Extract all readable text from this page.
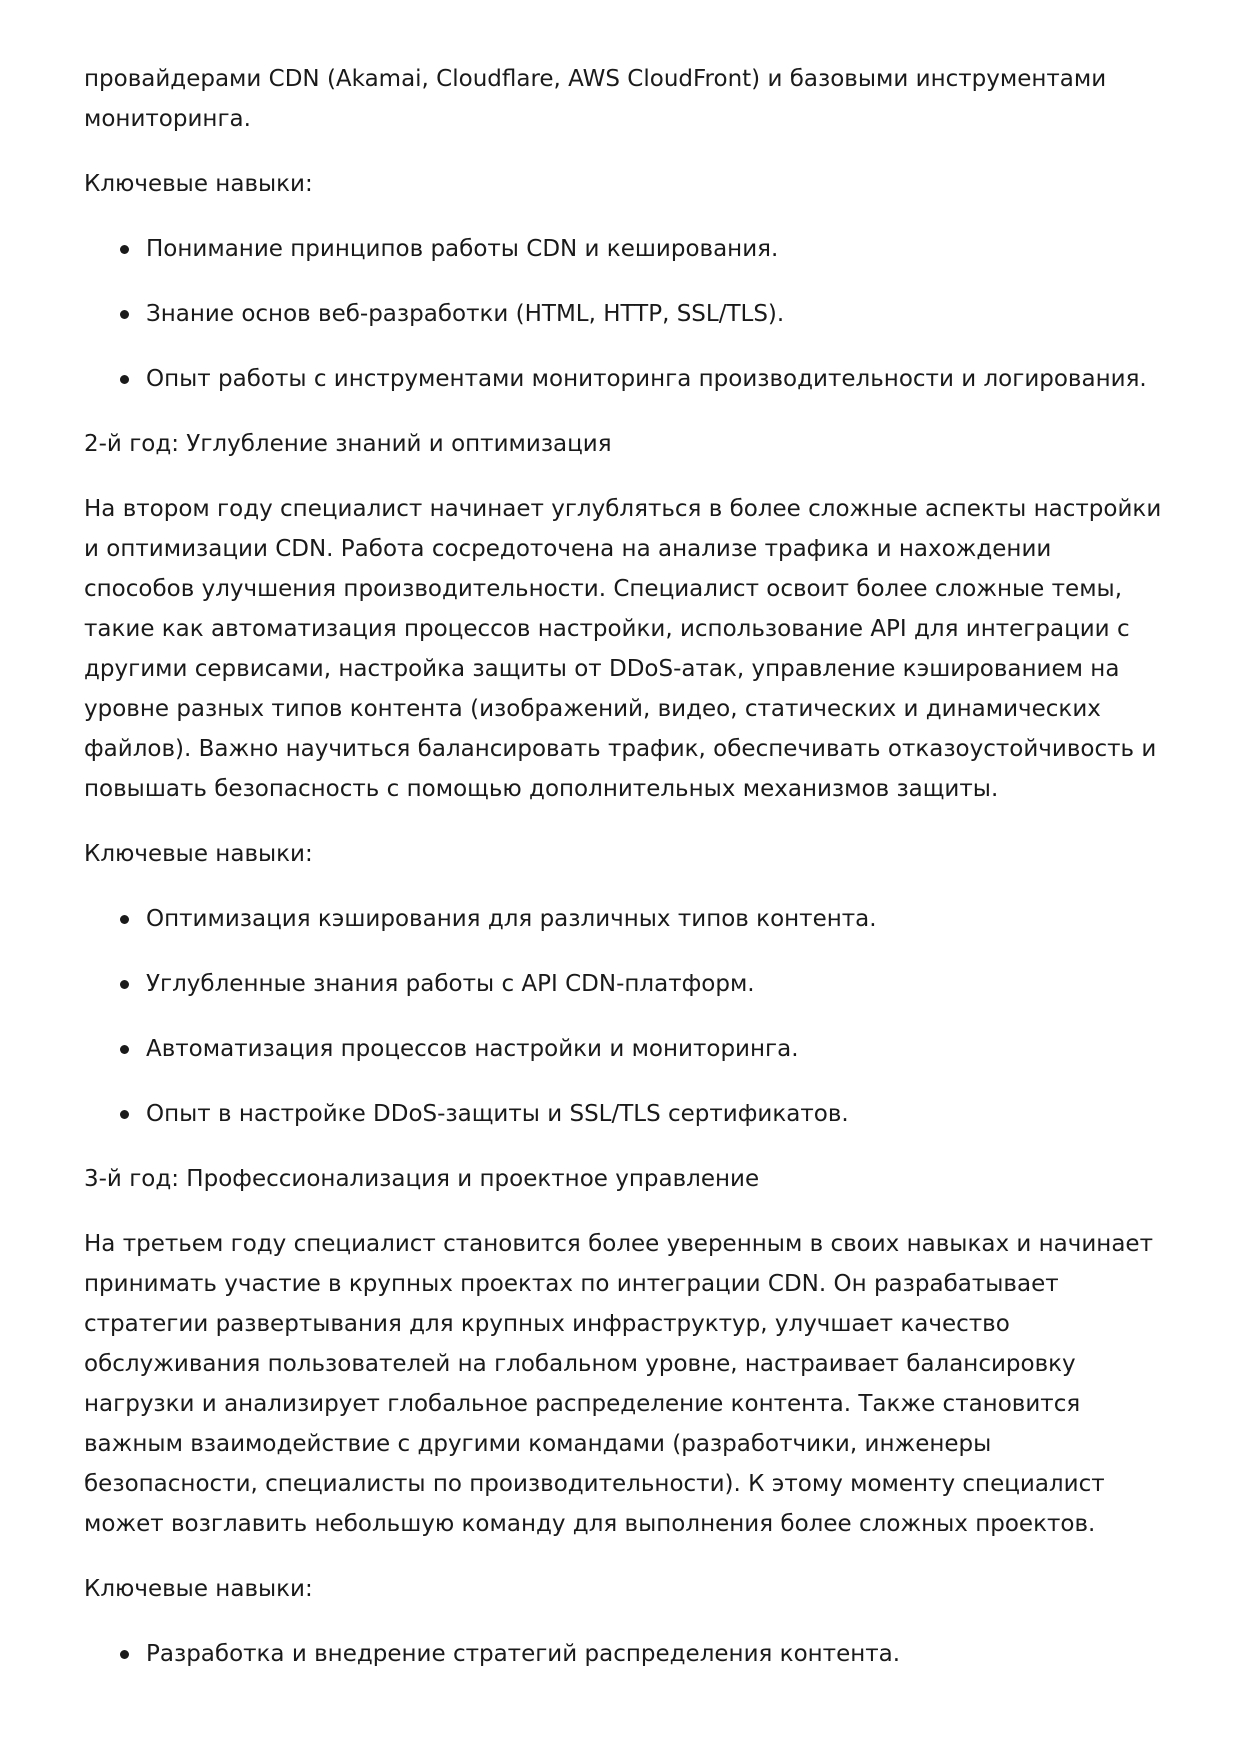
провайдерами CDN (Akamai, Cloudflare, AWS CloudFront) и базовыми инструментами мониторинга.

Ключевые навыки:

Понимание принципов работы CDN и кеширования.
Знание основ веб-разработки (HTML, HTTP, SSL/TLS).
Опыт работы с инструментами мониторинга производительности и логирования.

2-й год: Углубление знаний и оптимизация

На втором году специалист начинает углубляться в более сложные аспекты настройки и оптимизации CDN. Работа сосредоточена на анализе трафика и нахождении способов улучшения производительности. Специалист освоит более сложные темы, такие как автоматизация процессов настройки, использование API для интеграции с другими сервисами, настройка защиты от DDoS-атак, управление кэшированием на уровне разных типов контента (изображений, видео, статических и динамических файлов). Важно научиться балансировать трафик, обеспечивать отказоустойчивость и повышать безопасность с помощью дополнительных механизмов защиты.

Ключевые навыки:

Оптимизация кэширования для различных типов контента.
Углубленные знания работы с API CDN-платформ.
Автоматизация процессов настройки и мониторинга.
Опыт в настройке DDoS-защиты и SSL/TLS сертификатов.

3-й год: Профессионализация и проектное управление

На третьем году специалист становится более уверенным в своих навыках и начинает принимать участие в крупных проектах по интеграции CDN. Он разрабатывает стратегии развертывания для крупных инфраструктур, улучшает качество обслуживания пользователей на глобальном уровне, настраивает балансировку нагрузки и анализирует глобальное распределение контента. Также становится важным взаимодействие с другими командами (разработчики, инженеры безопасности, специалисты по производительности). К этому моменту специалист может возглавить небольшую команду для выполнения более сложных проектов.

Ключевые навыки:

Разработка и внедрение стратегий распределения контента.
